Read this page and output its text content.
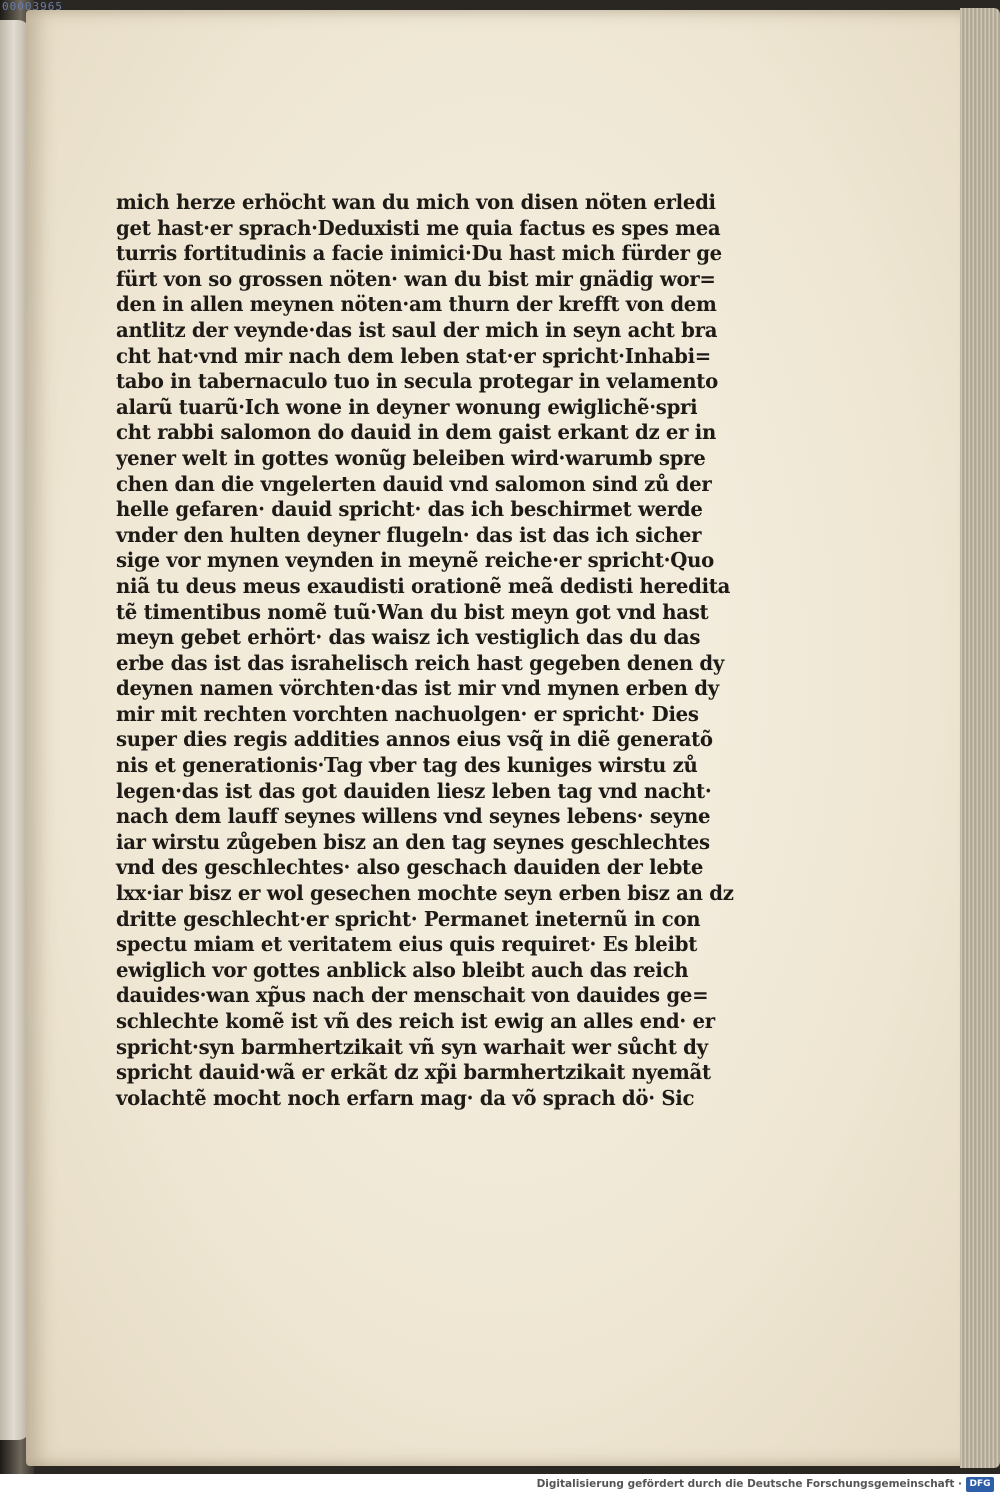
mich herze erhöcht wan du mich von disen nöten erledi
get hast·er sprach·Deduxisti me quia factus es spes mea
turris fortitudinis a facie inimici·Du hast mich fürder ge
fürt von so grossen nöten· wan du bist mir gnädig wor=
den in allen meynen nöten·am thurn der krefft von dem
antlitz der veynde·das ist saul der mich in seyn acht bra
cht hat·vnd mir nach dem leben stat·er spricht·Inhabi=
tabo in tabernaculo tuo in secula protegar in velamento
alarũ tuarũ·Ich wone in deyner wonung ewiglichẽ·spri
cht rabbi salomon do dauid in dem gaist erkant dz er in
yener welt in gottes wonũg beleiben wird·warumb spre
chen dan die vngelerten dauid vnd salomon sind zů der
helle gefaren· dauid spricht· das ich beschirmet werde
vnder den hulten deyner flugeln· das ist das ich sicher
sige vor mynen veynden in meynẽ reiche·er spricht·Quo
niã tu deus meus exaudisti orationẽ meã dedisti heredita
tẽ timentibus nomẽ tuũ·Wan du bist meyn got vnd hast
meyn gebet erhört· das waisz ich vestiglich das du das
erbe das ist das israhelisch reich hast gegeben denen dy
deynen namen vörchten·das ist mir vnd mynen erben dy
mir mit rechten vorchten nachuolgen· er spricht· Dies
super dies regis addities annos eius vsq̃ in diẽ generatõ
nis et generationis·Tag vber tag des kuniges wirstu zů
legen·das ist das got dauiden liesz leben tag vnd nacht·
nach dem lauff seynes willens vnd seynes lebens· seyne
iar wirstu zůgeben bisz an den tag seynes geschlechtes
vnd des geschlechtes· also geschach dauiden der lebte
lxx·iar bisz er wol gesechen mochte seyn erben bisz an dz
dritte geschlecht·er spricht· Permanet ineternũ in con
spectu miam et veritatem eius quis requiret· Es bleibt
ewiglich vor gottes anblick also bleibt auch das reich
dauides·wan xp̃us nach der menschait von dauides ge=
schlechte komẽ ist vñ des reich ist ewig an alles end· er
spricht·syn barmhertzikait vñ syn warhait wer sůcht dy
spricht dauid·wã er erkãt dz xp̃i barmhertzikait nyemãt
volachtẽ mocht noch erfarn mag· da võ sprach dö· Sic
00003965
Digitalisierung gefördert durch die Deutsche Forschungsgemeinschaft · DFG
